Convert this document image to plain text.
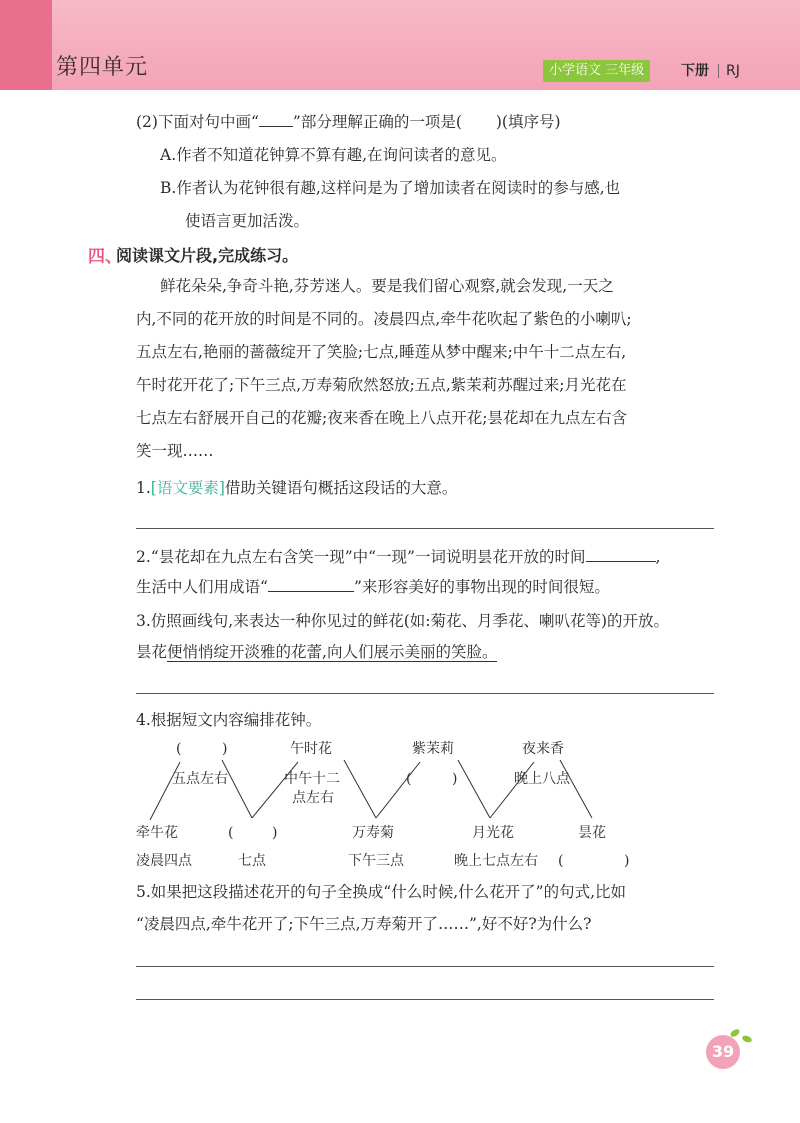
第四单元	小学语文 三年级	下册 RJ
(2)下面对句中画“ ”部分理解正确的一项是( )(填序号)
A.作者不知道花钟算不算有趣,在询问读者的意见。
B.作者认为花钟很有趣,这样问是为了增加读者在阅读时的参与感,也
使语言更加活泼。
四、
阅读课文片段,完成练习。
鲜花朵朵,争奇斗艳,芬芳迷人。要是我们留心观察,就会发现,一天之
内,不同的花开放的时间是不同的。凌晨四点,牵牛花吹起了紫色的小喇叭;
五点左右,艳丽的蔷薇绽开了笑脸;七点,睡莲从梦中醒来;中午十二点左右,
午时花开花了;下午三点,万寿菊欣然怒放;五点,紫茉莉苏醒过来;月光花在
七点左右舒展开自己的花瓣;夜来香在晚上八点开花;昙花却在九点左右含
笑一现……
1.[语文要素]借助关键语句概括这段话的大意。
2.“昙花却在九点左右含笑一现”中“一现”一词说明昙花开放的时间	,
生活中人们用成语“	”来形容美好的事物出现的时间很短。
3.仿照画线句,来表达一种你见过的鲜花(如:菊花、月季花、喇叭花等)的开放。
昙花便悄悄绽开淡雅的花蕾,向人们展示美丽的笑脸。
4.根据短文内容编排花钟。
(	)	午时花	紫茉莉	夜来香
五点左右	中午十二
点左右
(	)	晚上八点
牵牛花	(	)	万寿菊	月光花	昙花
凌晨四点	七点	下午三点	晚上七点左右 (	)
5.如果把这段描述花开的句子全换成“什么时候,什么花开了”的句式,比如
“凌晨四点,牵牛花开了;下午三点,万寿菊开了……”,好不好?为什么?
39
